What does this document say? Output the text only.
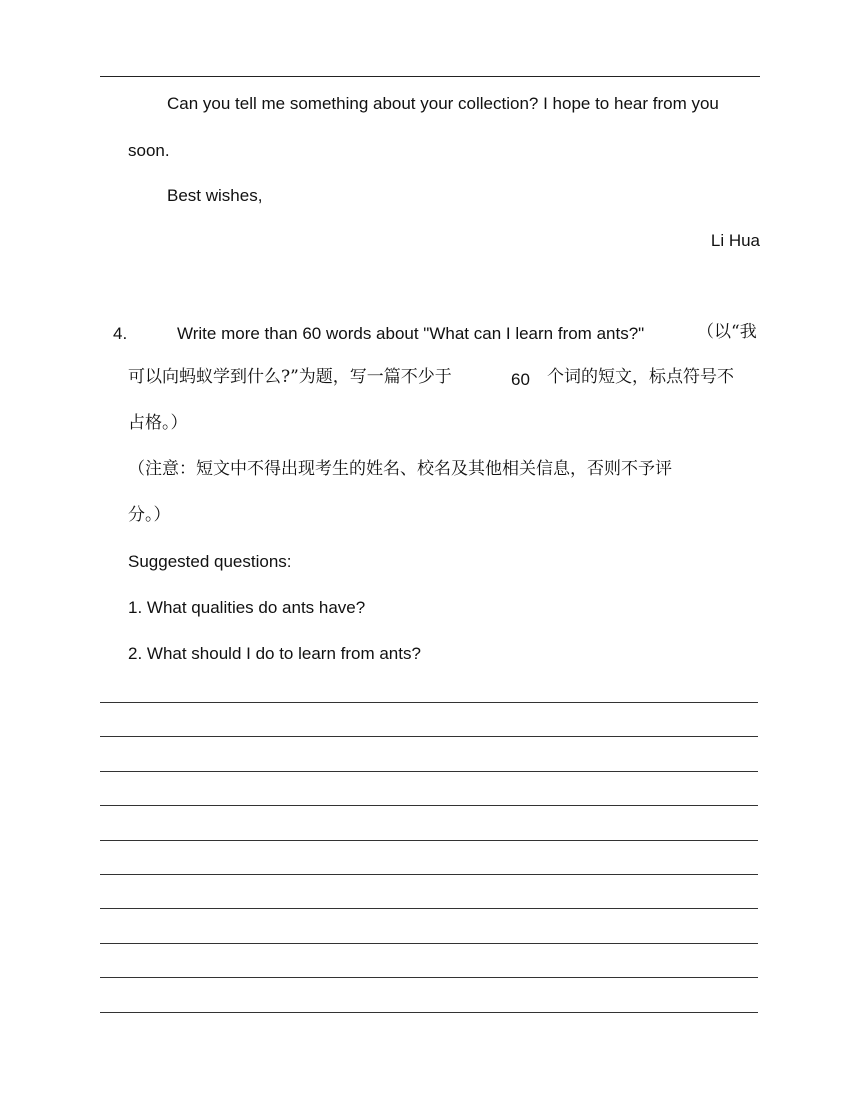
Can you tell me something about your collection? I hope to hear from you
soon.
Best wishes,
Li Hua
4.	Write more than 60 words about "What can I learn from ants?"	（以“我
可以向蚂蚁学到什么?”为题，写一篇不少于	60 个词的短文，标点符号不
占格。）
（注意：短文中不得出现考生的姓名、校名及其他相关信息，否则不予评
分。）
Suggested questions:
1. What qualities do ants have?
2. What should I do to learn from ants?
